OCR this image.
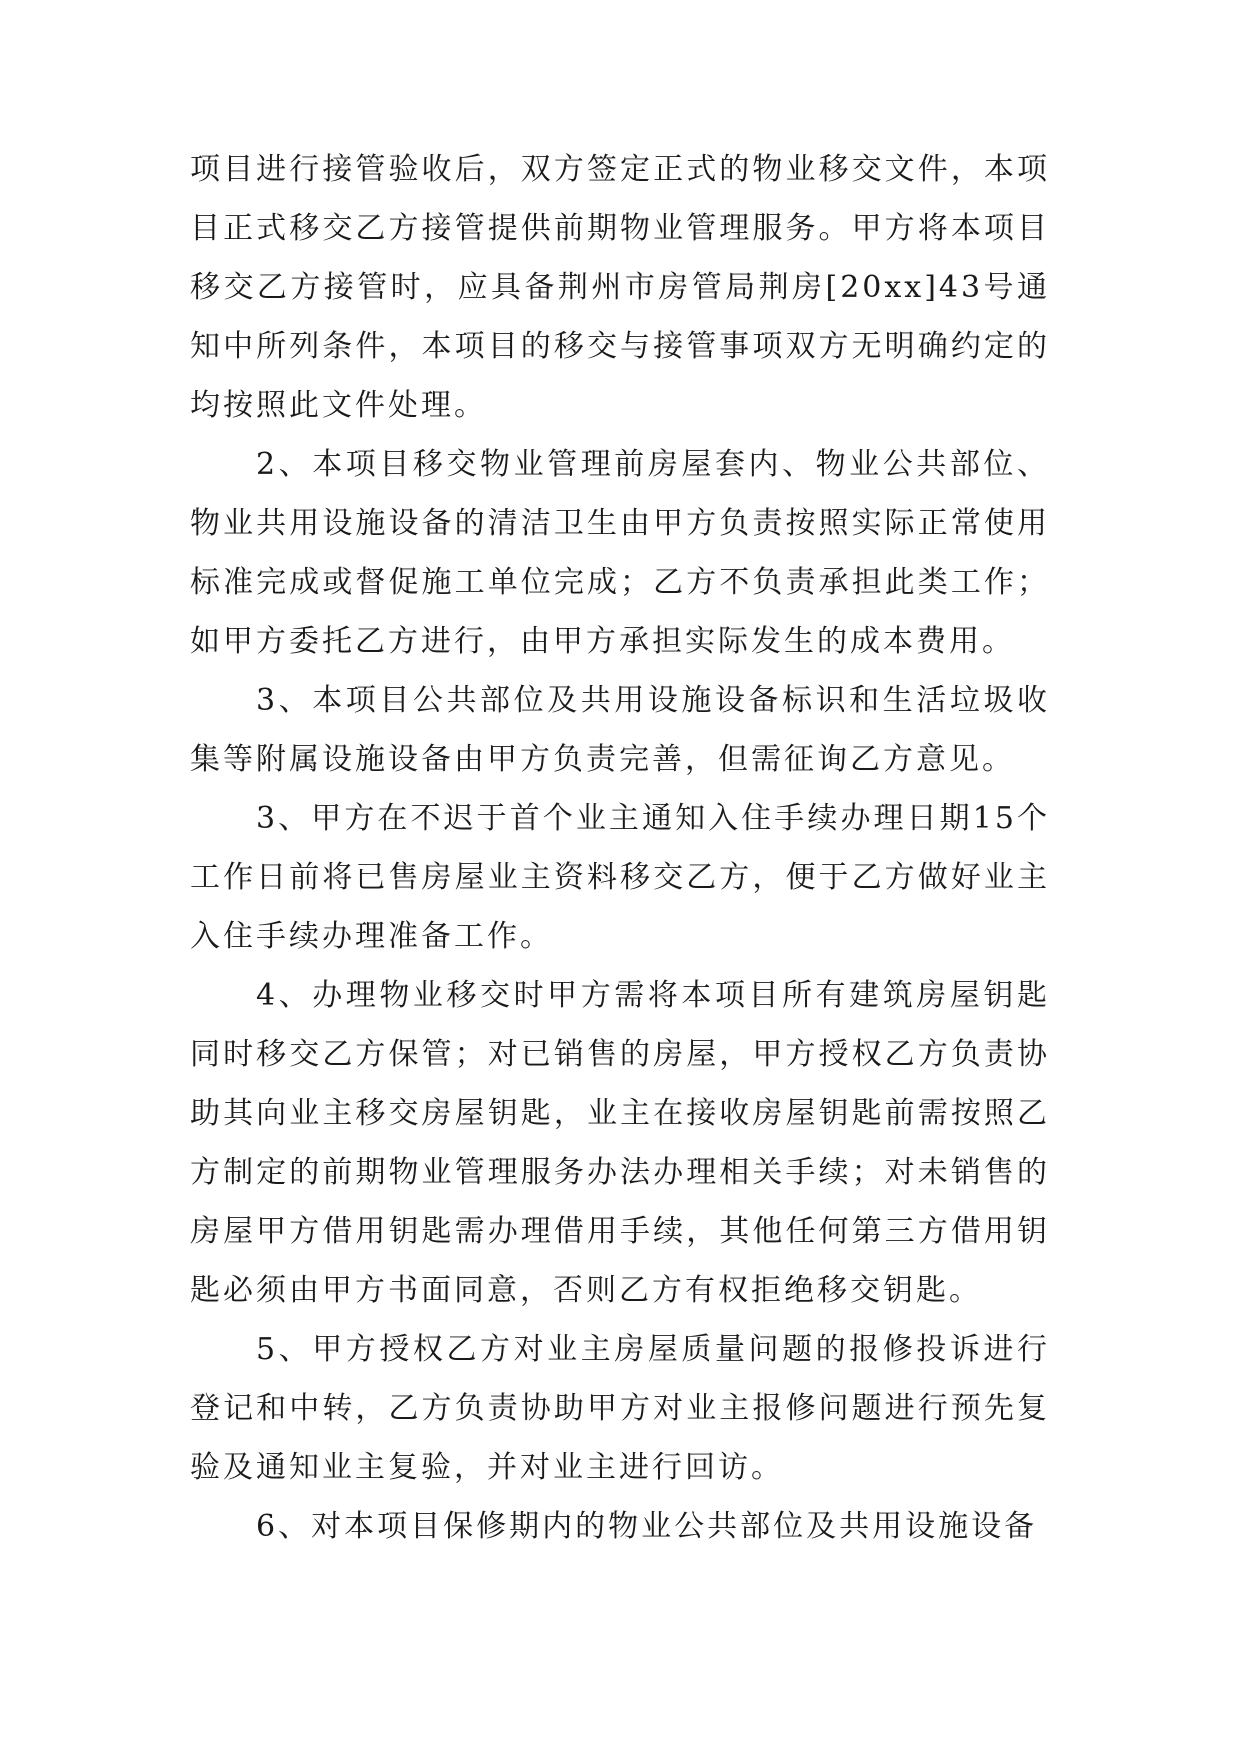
项目进行接管验收后，双方签定正式的物业移交文件，本项目正式移交乙方接管提供前期物业管理服务。甲方将本项目移交乙方接管时，应具备荆州市房管局荆房[20xx]43号通知中所列条件，本项目的移交与接管事项双方无明确约定的均按照此文件处理。

2、本项目移交物业管理前房屋套内、物业公共部位、物业共用设施设备的清洁卫生由甲方负责按照实际正常使用标准完成或督促施工单位完成；乙方不负责承担此类工作；如甲方委托乙方进行，由甲方承担实际发生的成本费用。

3、本项目公共部位及共用设施设备标识和生活垃圾收集等附属设施设备由甲方负责完善，但需征询乙方意见。

3、甲方在不迟于首个业主通知入住手续办理日期15个工作日前将已售房屋业主资料移交乙方，便于乙方做好业主入住手续办理准备工作。

4、办理物业移交时甲方需将本项目所有建筑房屋钥匙同时移交乙方保管；对已销售的房屋，甲方授权乙方负责协助其向业主移交房屋钥匙，业主在接收房屋钥匙前需按照乙方制定的前期物业管理服务办法办理相关手续；对未销售的房屋甲方借用钥匙需办理借用手续，其他任何第三方借用钥匙必须由甲方书面同意，否则乙方有权拒绝移交钥匙。

5、甲方授权乙方对业主房屋质量问题的报修投诉进行登记和中转，乙方负责协助甲方对业主报修问题进行预先复验及通知业主复验，并对业主进行回访。

6、对本项目保修期内的物业公共部位及共用设施设备
